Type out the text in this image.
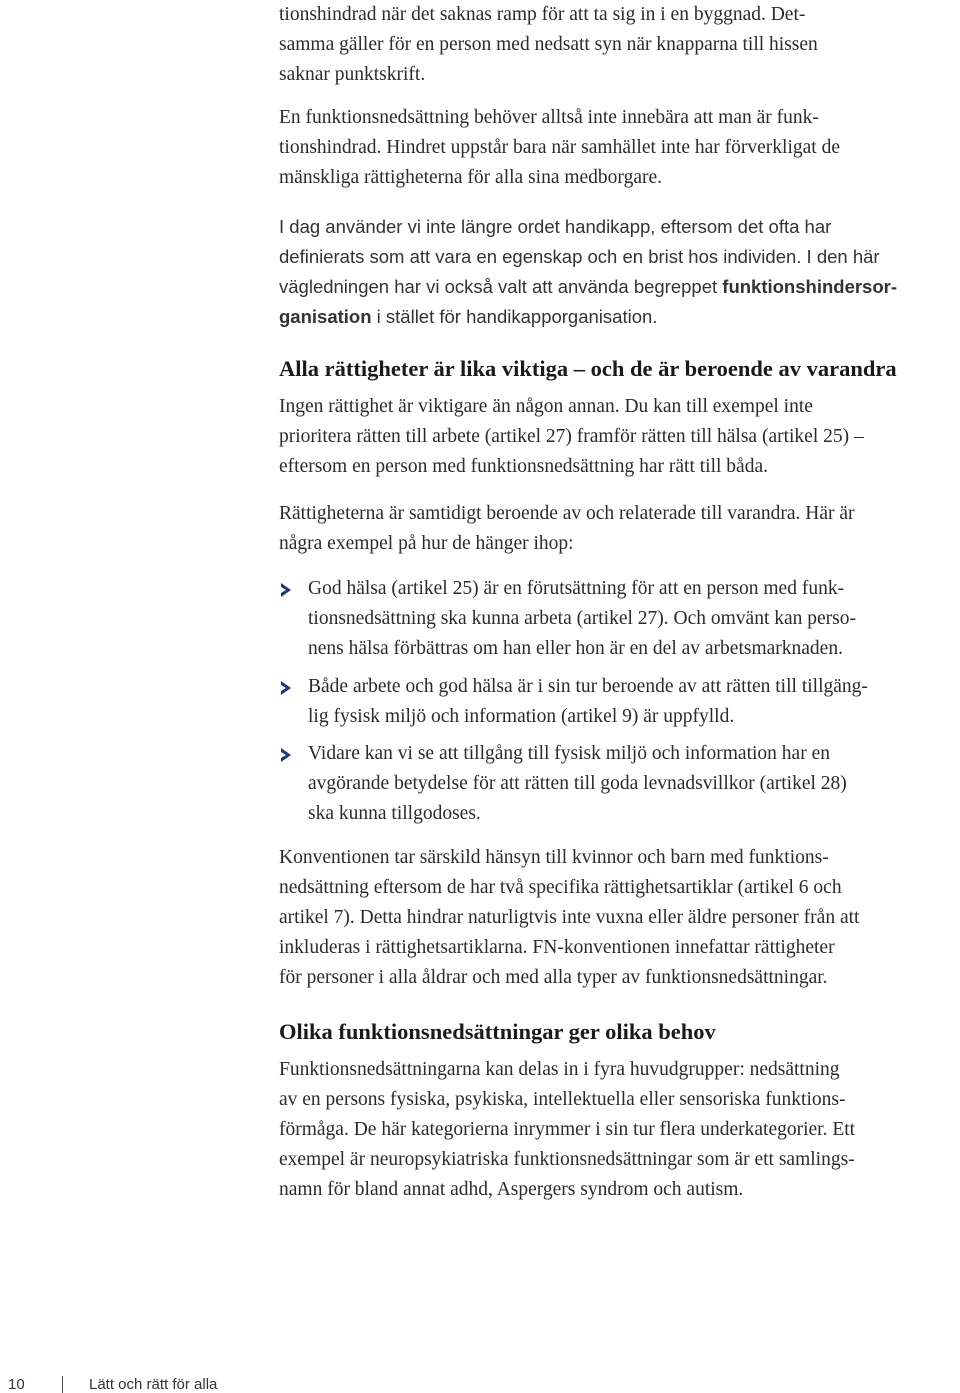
tionshindrad när det saknas ramp för att ta sig in i en byggnad. Det-
samma gäller för en person med nedsatt syn när knapparna till hissen
saknar punktskrift.
En funktionsnedsättning behöver alltså inte innebära att man är funk-
tionshindrad. Hindret uppstår bara när samhället inte har förverkligat de
mänskliga rättigheterna för alla sina medborgare.
I dag använder vi inte längre ordet handikapp, eftersom det ofta har
definierats som att vara en egenskap och en brist hos individen. I den här
vägledningen har vi också valt att använda begreppet funktionshindersor-
ganisation i stället för handikapporganisation.
Alla rättigheter är lika viktiga – och de är beroende av varandra
Ingen rättighet är viktigare än någon annan. Du kan till exempel inte
prioritera rätten till arbete (artikel 27) framför rätten till hälsa (artikel 25) –
eftersom en person med funktionsnedsättning har rätt till båda.
Rättigheterna är samtidigt beroende av och relaterade till varandra. Här är
några exempel på hur de hänger ihop:
God hälsa (artikel 25) är en förutsättning för att en person med funk-
tionsnedsättning ska kunna arbeta (artikel 27). Och omvänt kan perso-
nens hälsa förbättras om han eller hon är en del av arbetsmarknaden.
Både arbete och god hälsa är i sin tur beroende av att rätten till tillgäng-
lig fysisk miljö och information (artikel 9) är uppfylld.
Vidare kan vi se att tillgång till fysisk miljö och information har en
avgörande betydelse för att rätten till goda levnadsvillkor (artikel 28)
ska kunna tillgodoses.
Konventionen tar särskild hänsyn till kvinnor och barn med funktions-
nedsättning eftersom de har två specifika rättighetsartiklar (artikel 6 och
artikel 7). Detta hindrar naturligtvis inte vuxna eller äldre personer från att
inkluderas i rättighetsartiklarna. FN-konventionen innefattar rättigheter
för personer i alla åldrar och med alla typer av funktionsnedsättningar.
Olika funktionsnedsättningar ger olika behov
Funktionsnedsättningarna kan delas in i fyra huvudgrupper: nedsättning
av en persons fysiska, psykiska, intellektuella eller sensoriska funktions-
förmåga. De här kategorierna inrymmer i sin tur flera underkategorier. Ett
exempel är neuropsykiatriska funktionsnedsättningar som är ett samlings-
namn för bland annat adhd, Aspergers syndrom och autism.
10	Lätt och rätt för alla
